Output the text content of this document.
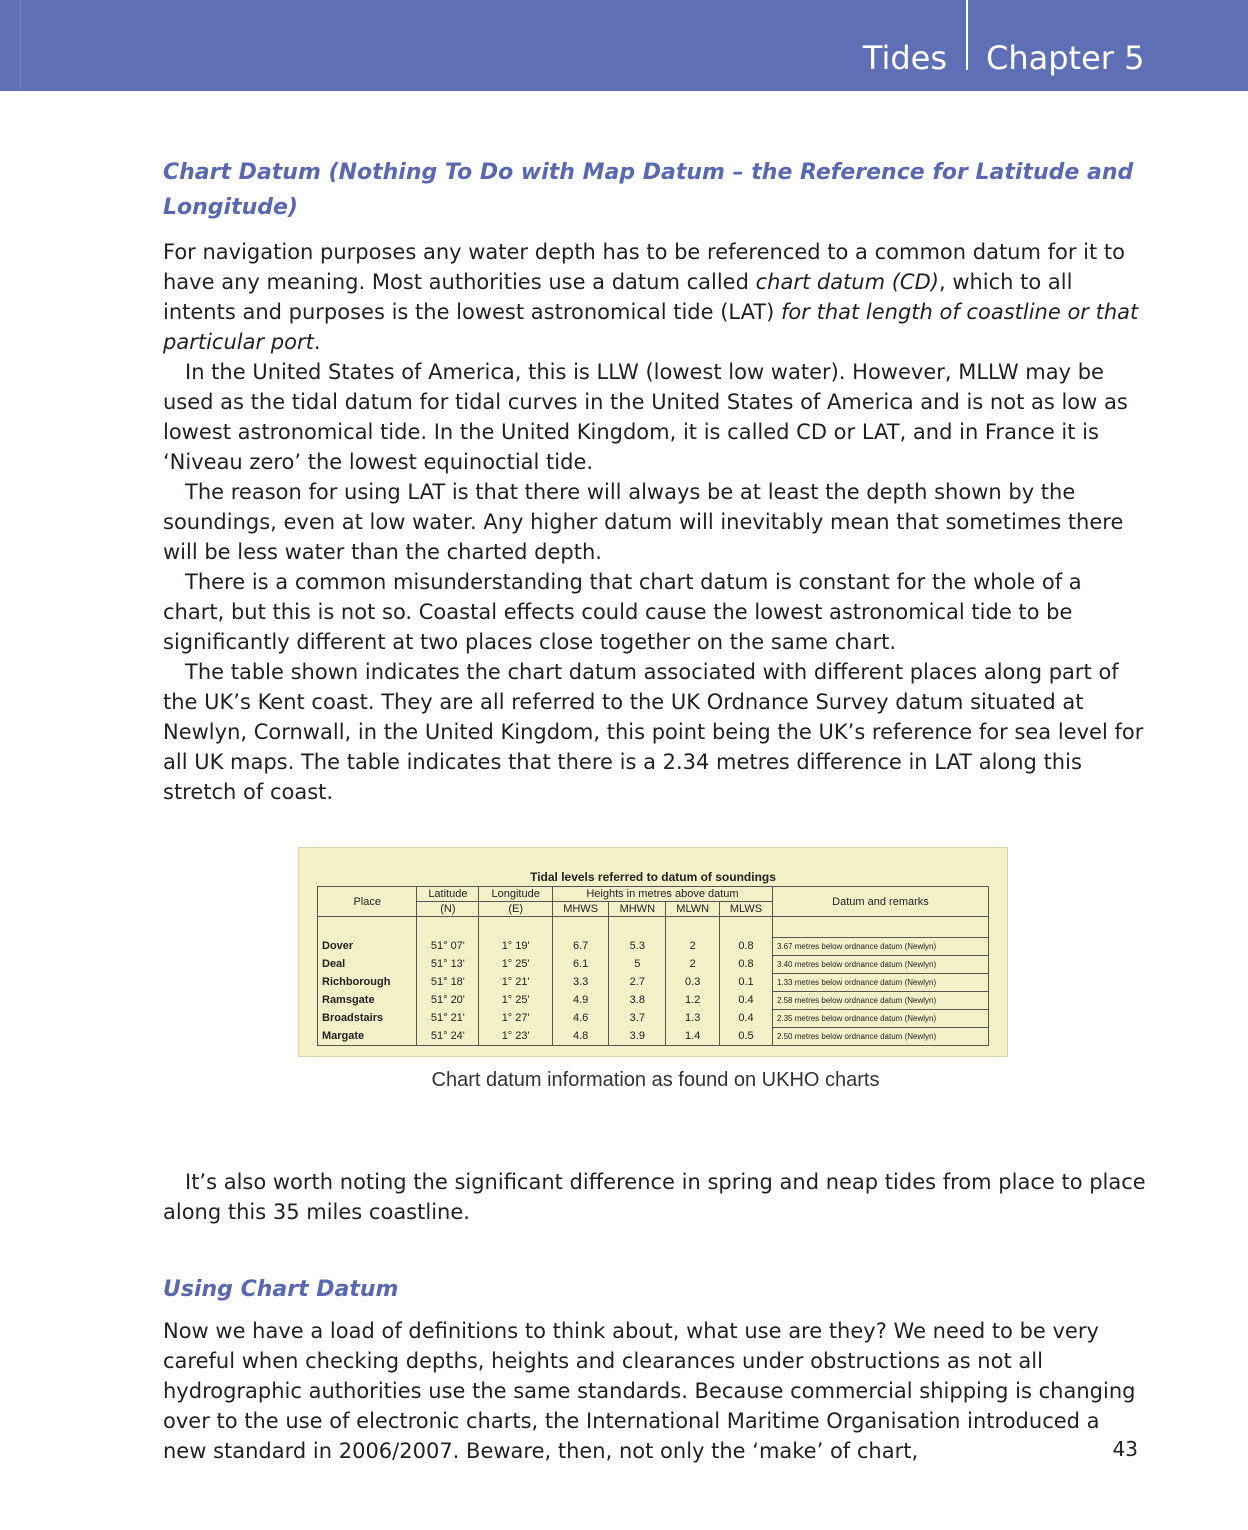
Tides Chapter 5
Chart Datum (Nothing To Do with Map Datum – the Reference for Latitude and Longitude)

For navigation purposes any water depth has to be referenced to a common datum for it to have any meaning. Most authorities use a datum called chart datum (CD), which to all intents and purposes is the lowest astronomical tide (LAT) for that length of coastline or that particular port.

In the United States of America, this is LLW (lowest low water). However, MLLW may be used as the tidal datum for tidal curves in the United States of America and is not as low as lowest astronomical tide. In the United Kingdom, it is called CD or LAT, and in France it is ‘Niveau zero’ the lowest equinoctial tide.

The reason for using LAT is that there will always be at least the depth shown by the soundings, even at low water. Any higher datum will inevitably mean that sometimes there will be less water than the charted depth.

There is a common misunderstanding that chart datum is constant for the whole of a chart, but this is not so. Coastal effects could cause the lowest astronomical tide to be significantly different at two places close together on the same chart.

The table shown indicates the chart datum associated with different places along part of the UK’s Kent coast. They are all referred to the UK Ordnance Survey datum situated at Newlyn, Cornwall, in the United Kingdom, this point being the UK’s reference for sea level for all UK maps. The table indicates that there is a 2.34 metres difference in LAT along this stretch of coast.

Tidal levels referred to datum of soundings
Place	Latitude	Longitude	Heights in metres above datum				Datum and remarks
	(N)	(E)	MHWS	MHWN	MLWN	MLWS	

Dover	51° 07'	1° 19'	6.7	5.3	2	0.8	3.67 metres below ordnance datum (Newlyn)
Deal	51° 13'	1° 25'	6.1	5	2	0.8	3.40 metres below ordnance datum (Newlyn)
Richborough	51° 18'	1° 21'	3.3	2.7	0.3	0.1	1.33 metres below ordnance datum (Newlyn)
Ramsgate	51° 20'	1° 25'	4.9	3.8	1.2	0.4	2.58 metres below ordnance datum (Newlyn)
Broadstairs	51° 21'	1° 27'	4.6	3.7	1.3	0.4	2.35 metres below ordnance datum (Newlyn)
Margate	51° 24'	1° 23'	4.8	3.9	1.4	0.5	2.50 metres below ordnance datum (Newlyn)
Chart datum information as found on UKHO charts

It’s also worth noting the significant difference in spring and neap tides from place to place along this 35 miles coastline.

Using Chart Datum

Now we have a load of definitions to think about, what use are they? We need to be very careful when checking depths, heights and clearances under obstructions as not all hydrographic authorities use the same standards. Because commercial shipping is changing over to the use of electronic charts, the International Maritime Organisation introduced a new standard in 2006/2007. Beware, then, not only the ‘make’ of chart,	43
